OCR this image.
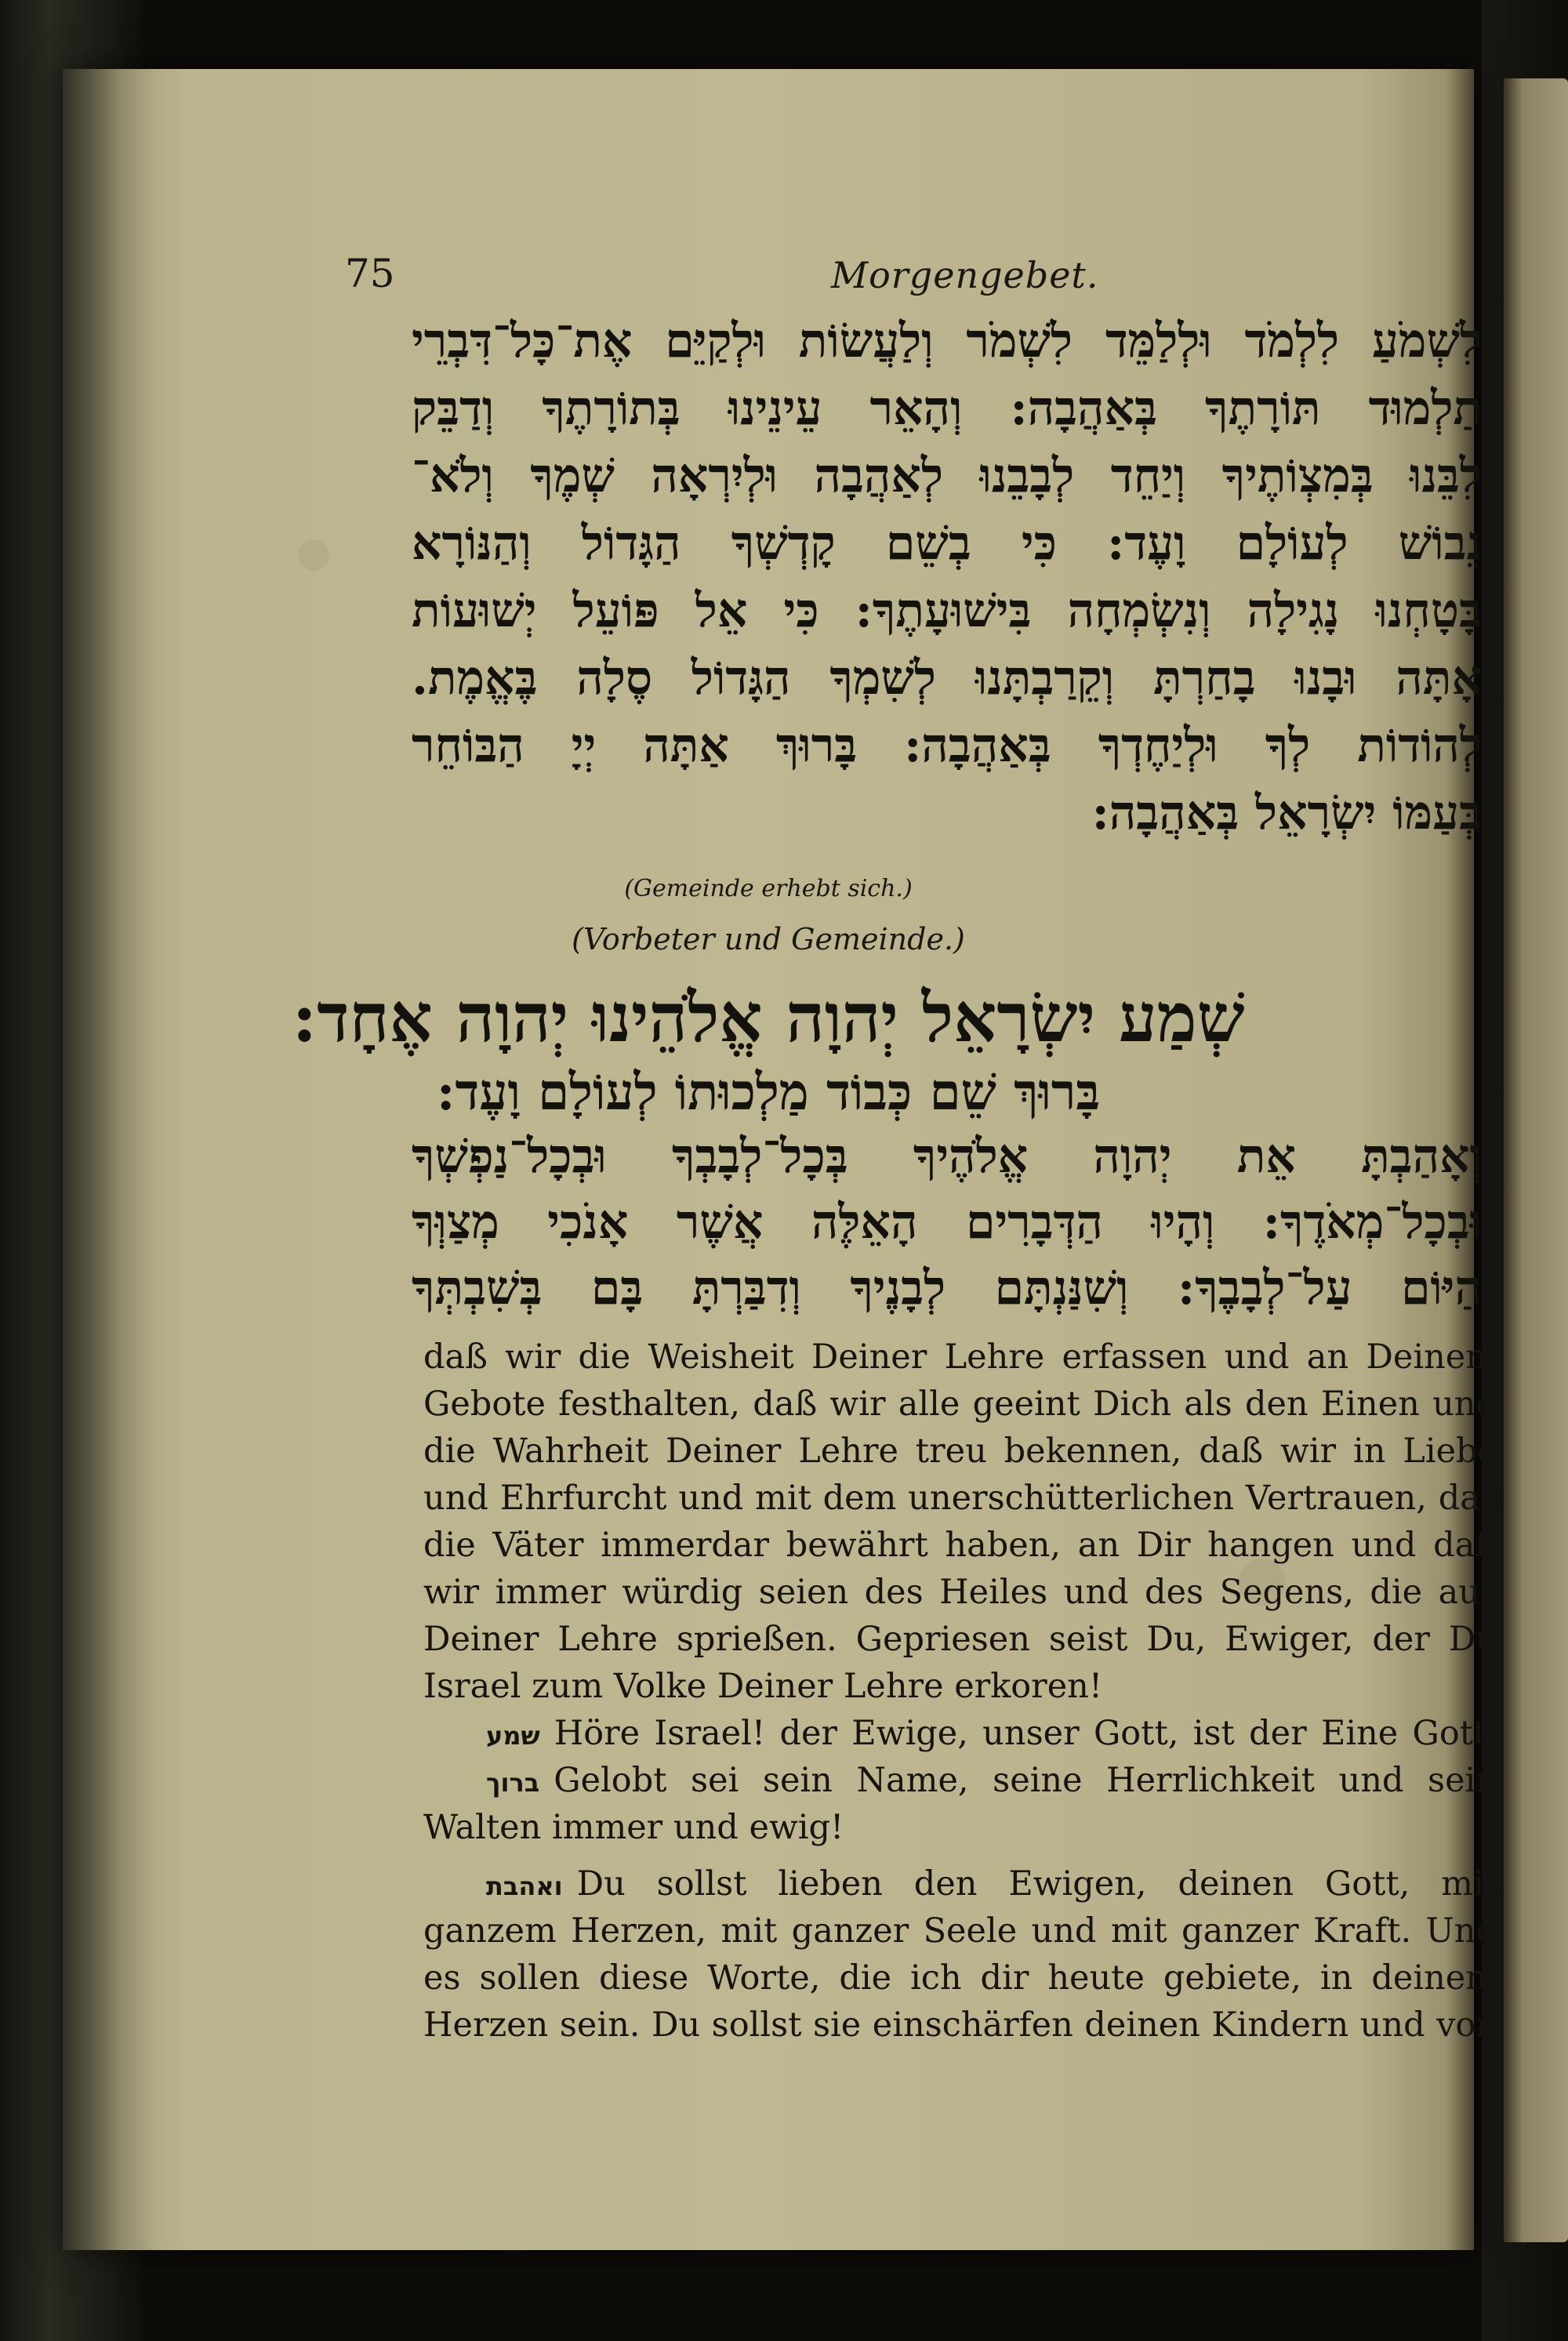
75	Morgengebet.
לִשְׁמֹעַ לִלְמֹד וּלְלַמֵּד לִשְׁמֹר וְלַעֲשׂוֹת וּלְקַיֵּם אֶת־כָּל־דִּבְרֵי
תַלְמוּד תּוֹרָתֶךָ בְּאַהֲבָה: וְהָאֵר עֵינֵינוּ בְּתוֹרָתֶךָ וְדַבֵּק
לִבֵּנוּ בְּמִצְוֹתֶיךָ וְיַחֵד לְבָבֵנוּ לְאַהֲבָה וּלְיִרְאָה שְׁמֶךָ וְלֹא־
נֵבוֹשׁ לְעוֹלָם וָעֶד: כִּי בְשֵׁם קָדְשְׁךָ הַגָּדוֹל וְהַנּוֹרָא
בָּטָחְנוּ נָגִילָה וְנִשְׂמְחָה בִּישׁוּעָתֶךָ: כִּי אֵל פּוֹעֵל יְשׁוּעוֹת
אָתָּה וּבָנוּ בָחַרְתָּ וְקֵרַבְתָּנוּ לְשִׁמְךָ הַגָּדוֹל סֶלָה בֶּאֱמֶת.
לְהוֹדוֹת לְךָ וּלְיַחֶדְךָ בְּאַהֲבָה: בָּרוּךְ אַתָּה יְיָ הַבּוֹחֵר
בְּעַמּוֹ יִשְׂרָאֵל בְּאַהֲבָה:
(Gemeinde erhebt sich.)
(Vorbeter und Gemeinde.)
שְׁמַע יִשְׂרָאֵל יְהוָה אֱלֹהֵינוּ יְהוָה אֶחָד:
בָּרוּךְ שֵׁם כְּבוֹד מַלְכוּתוֹ לְעוֹלָם וָעֶד:
וְאָהַבְתָּ אֵת יְהוָה אֱלֹהֶיךָ בְּכָל־לְבָבְךָ וּבְכָל־נַפְשְׁךָ
וּבְכָל־מְאֹדֶךָ: וְהָיוּ הַדְּבָרִים הָאֵלֶּה אֲשֶׁר אָנֹכִי מְצַוְּךָ
הַיּוֹם עַל־לְבָבֶךָ: וְשִׁנַּנְתָּם לְבָנֶיךָ וְדִבַּרְתָּ בָּם בְּשִׁבְתְּךָ
daß wir die Weisheit Deiner Lehre erfassen und an Deinem
Gebote festhalten, daß wir alle geeint Dich als den Einen und
die Wahrheit Deiner Lehre treu bekennen, daß wir in Liebe
und Ehrfurcht und mit dem unerschütterlichen Vertrauen, das
die Väter immerdar bewährt haben, an Dir hangen und daß
wir immer würdig seien des Heiles und des Segens, die aus
Deiner Lehre sprießen. Gepriesen seist Du, Ewiger, der Du
Israel zum Volke Deiner Lehre erkoren!
שמע Höre Israel! der Ewige, unser Gott, ist der Eine Gott.
ברוך Gelobt sei sein Name, seine Herrlichkeit und sein
Walten immer und ewig!
ואהבת Du sollst lieben den Ewigen, deinen Gott, mit
ganzem Herzen, mit ganzer Seele und mit ganzer Kraft. Und
es sollen diese Worte, die ich dir heute gebiete, in deinem
Herzen sein. Du sollst sie einschärfen deinen Kindern und von
